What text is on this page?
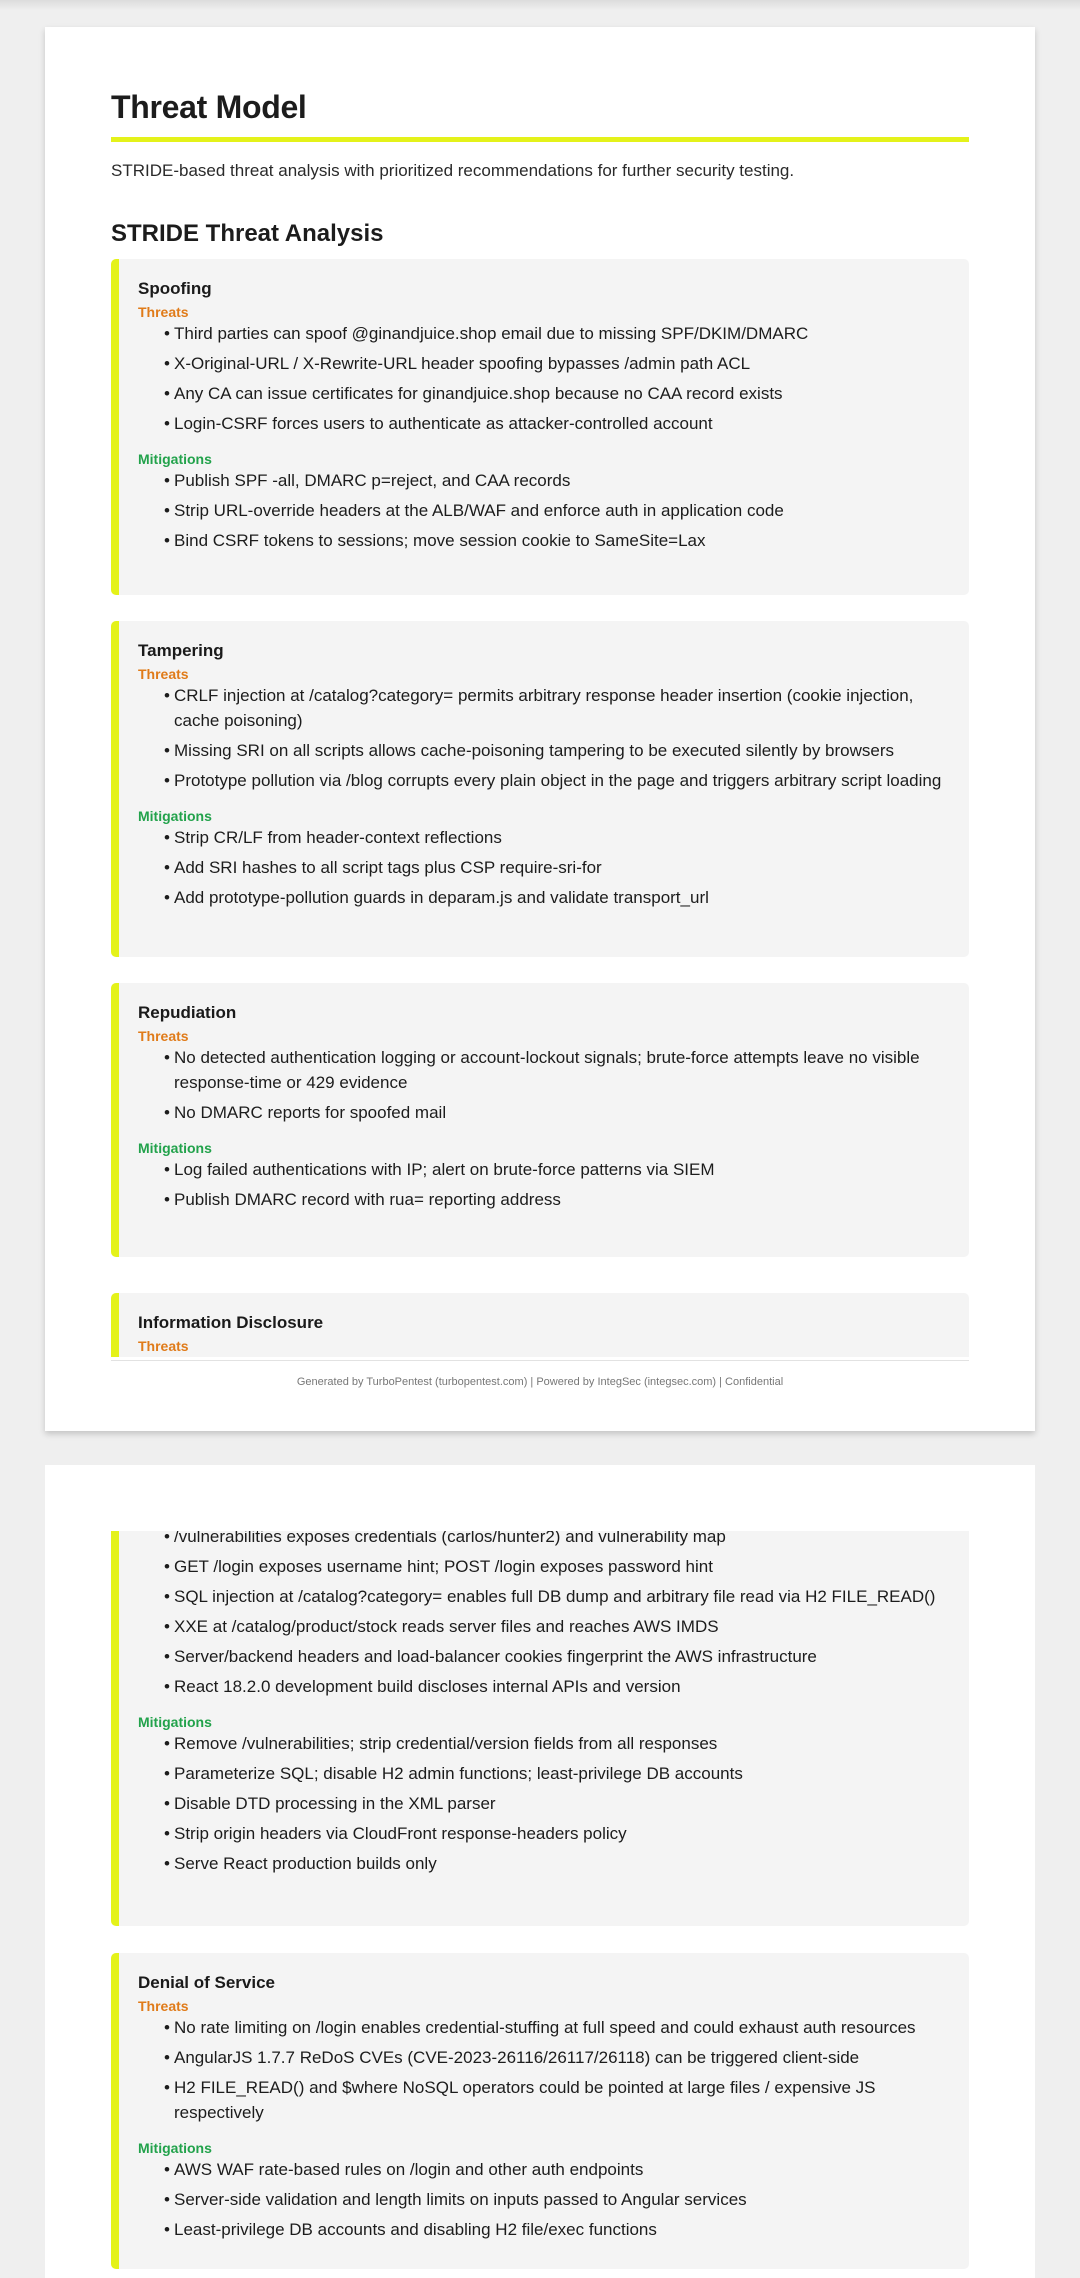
Threat Model

STRIDE-based threat analysis with prioritized recommendations for further security testing.

STRIDE Threat Analysis
Spoofing
Threats
• Third parties can spoof @ginandjuice.shop email due to missing SPF/DKIM/DMARC
• X-Original-URL / X-Rewrite-URL header spoofing bypasses /admin path ACL
• Any CA can issue certificates for ginandjuice.shop because no CAA record exists
• Login-CSRF forces users to authenticate as attacker-controlled account
Mitigations
• Publish SPF -all, DMARC p=reject, and CAA records
• Strip URL-override headers at the ALB/WAF and enforce auth in application code
• Bind CSRF tokens to sessions; move session cookie to SameSite=Lax
Tampering
Threats
• CRLF injection at /catalog?category= permits arbitrary response header insertion (cookie injection, cache poisoning)
• Missing SRI on all scripts allows cache-poisoning tampering to be executed silently by browsers
• Prototype pollution via /blog corrupts every plain object in the page and triggers arbitrary script loading
Mitigations
• Strip CR/LF from header-context reflections
• Add SRI hashes to all script tags plus CSP require-sri-for
• Add prototype-pollution guards in deparam.js and validate transport_url
Repudiation
Threats
• No detected authentication logging or account-lockout signals; brute-force attempts leave no visible response-time or 429 evidence
• No DMARC reports for spoofed mail
Mitigations
• Log failed authentications with IP; alert on brute-force patterns via SIEM
• Publish DMARC record with rua= reporting address
Information Disclosure
Threats
Generated by TurboPentest (turbopentest.com) | Powered by IntegSec (integsec.com) | Confidential
• /vulnerabilities exposes credentials (carlos/hunter2) and vulnerability map
• GET /login exposes username hint; POST /login exposes password hint
• SQL injection at /catalog?category= enables full DB dump and arbitrary file read via H2 FILE_READ()
• XXE at /catalog/product/stock reads server files and reaches AWS IMDS
• Server/backend headers and load-balancer cookies fingerprint the AWS infrastructure
• React 18.2.0 development build discloses internal APIs and version
Mitigations
• Remove /vulnerabilities; strip credential/version fields from all responses
• Parameterize SQL; disable H2 admin functions; least-privilege DB accounts
• Disable DTD processing in the XML parser
• Strip origin headers via CloudFront response-headers policy
• Serve React production builds only
Denial of Service
Threats
• No rate limiting on /login enables credential-stuffing at full speed and could exhaust auth resources
• AngularJS 1.7.7 ReDoS CVEs (CVE-2023-26116/26117/26118) can be triggered client-side
• H2 FILE_READ() and $where NoSQL operators could be pointed at large files / expensive JS respectively
Mitigations
• AWS WAF rate-based rules on /login and other auth endpoints
• Server-side validation and length limits on inputs passed to Angular services
• Least-privilege DB accounts and disabling H2 file/exec functions
